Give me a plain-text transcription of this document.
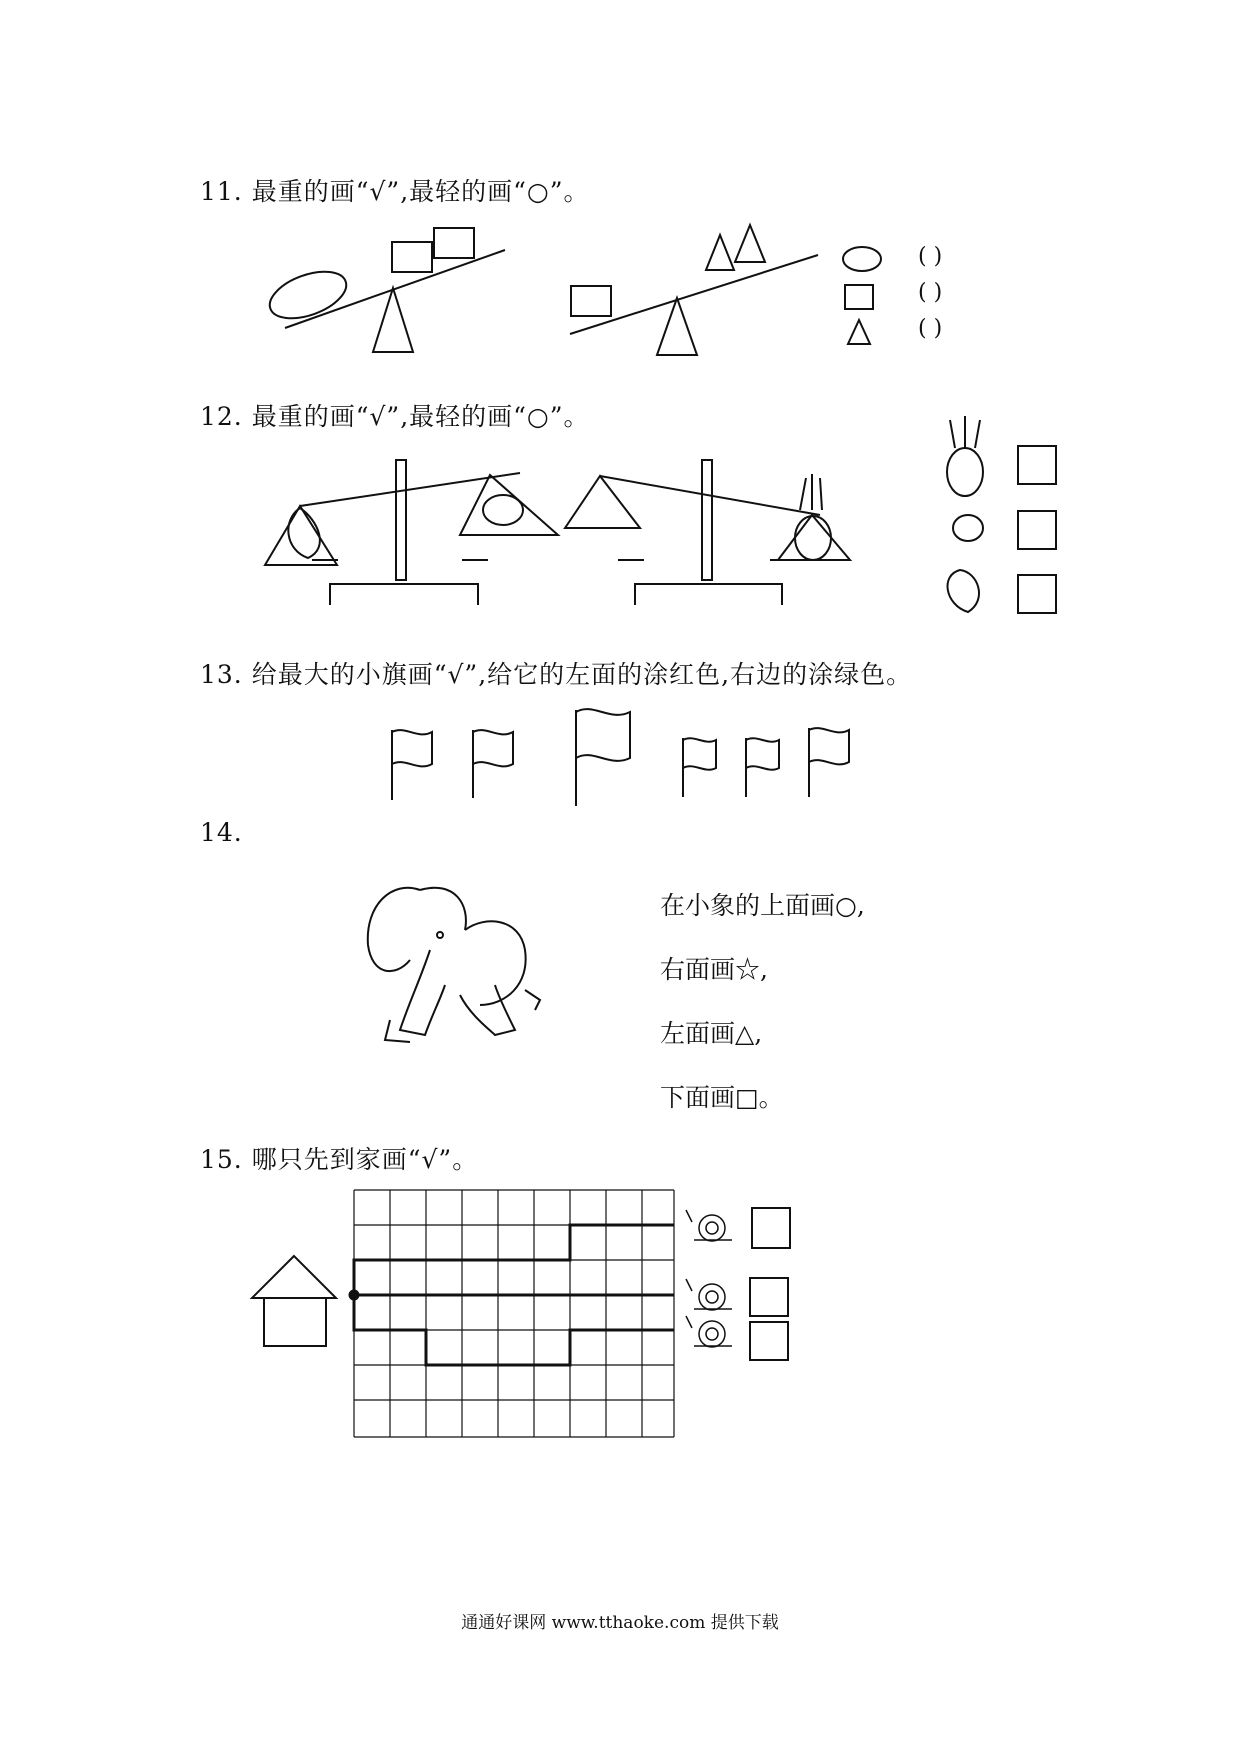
11. 最重的画“√”,最轻的画“○”。
12. 最重的画“√”,最轻的画“○”。
13. 给最大的小旗画“√”,给它的左面的涂红色,右边的涂绿色。
14.
15. 哪只先到家画“√”。
( )
( )
( )
在小象的上面画○,
右面画☆,
左面画△,
下面画□。
通通好课网 www.tthaoke.com 提供下载
